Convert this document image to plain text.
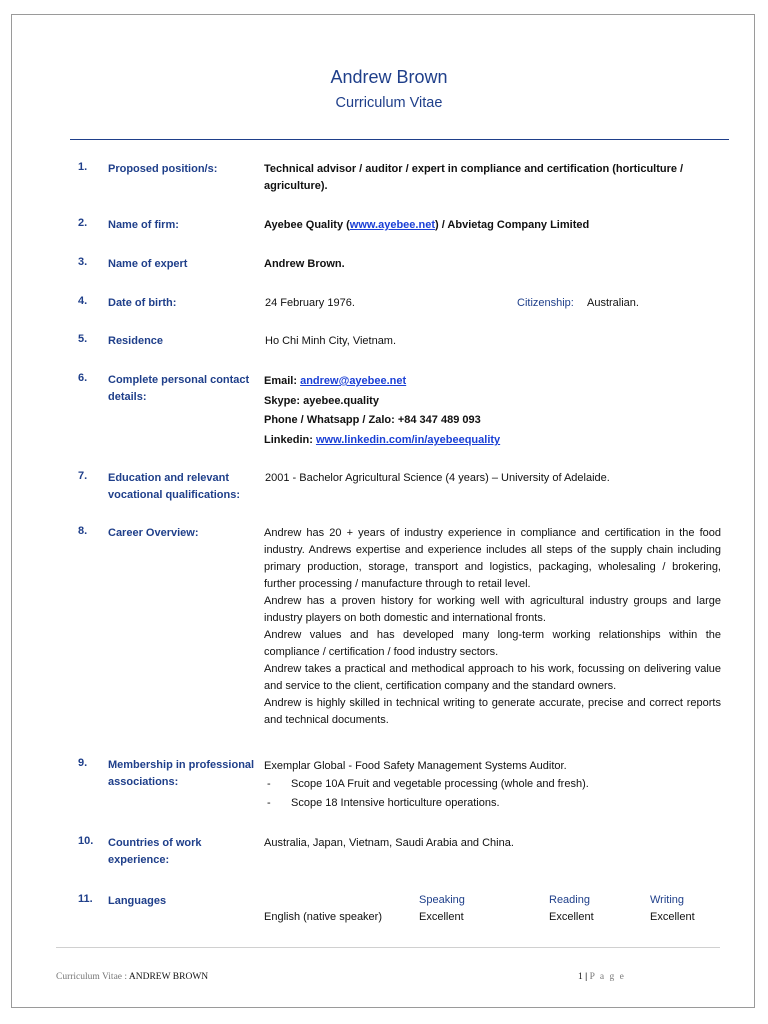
Andrew Brown
Curriculum Vitae
1.	Proposed position/s:	Technical advisor / auditor / expert in compliance and certification (horticulture / agriculture).
2.	Name of firm:	Ayebee Quality (www.ayebee.net) / Abvietag Company Limited
3.	Name of expert	Andrew Brown.
4.	Date of birth:	24 February 1976.	Citizenship:	Australian.
5.	Residence	Ho Chi Minh City, Vietnam.
6.	Complete personal contact details:
Email: andrew@ayebee.net
Skype: ayebee.quality
Phone / Whatsapp / Zalo: +84 347 489 093
Linkedin: www.linkedin.com/in/ayebeequality
7.	Education and relevant vocational qualifications:
2001 - Bachelor Agricultural Science (4 years) – University of Adelaide.
8.	Career Overview:	Andrew has 20 + years of industry experience in compliance and certification in the food industry. Andrews expertise and experience includes all steps of the supply chain including primary production, storage, transport and logistics, packaging, wholesaling / brokering, further processing / manufacture through to retail level.
Andrew has a proven history for working well with agricultural industry groups and large industry players on both domestic and international fronts.
Andrew values and has developed many long-term working relationships within the compliance / certification / food industry sectors.
Andrew takes a practical and methodical approach to his work, focussing on delivering value and service to the client, certification company and the standard owners.
Andrew is highly skilled in technical writing to generate accurate, precise and correct reports and technical documents.
9.	Membership in professional associations:
Exemplar Global - Food Safety Management Systems Auditor.
-	Scope 10A Fruit and vegetable processing (whole and fresh).
-	Scope 18 Intensive horticulture operations.
10.	Countries of work experience:
Australia, Japan, Vietnam, Saudi Arabia and China.
11.	Languages	Speaking	Reading	Writing
English (native speaker)	Excellent	Excellent	Excellent
Curriculum Vitae : ANDREW BROWN	1 | P a g e
